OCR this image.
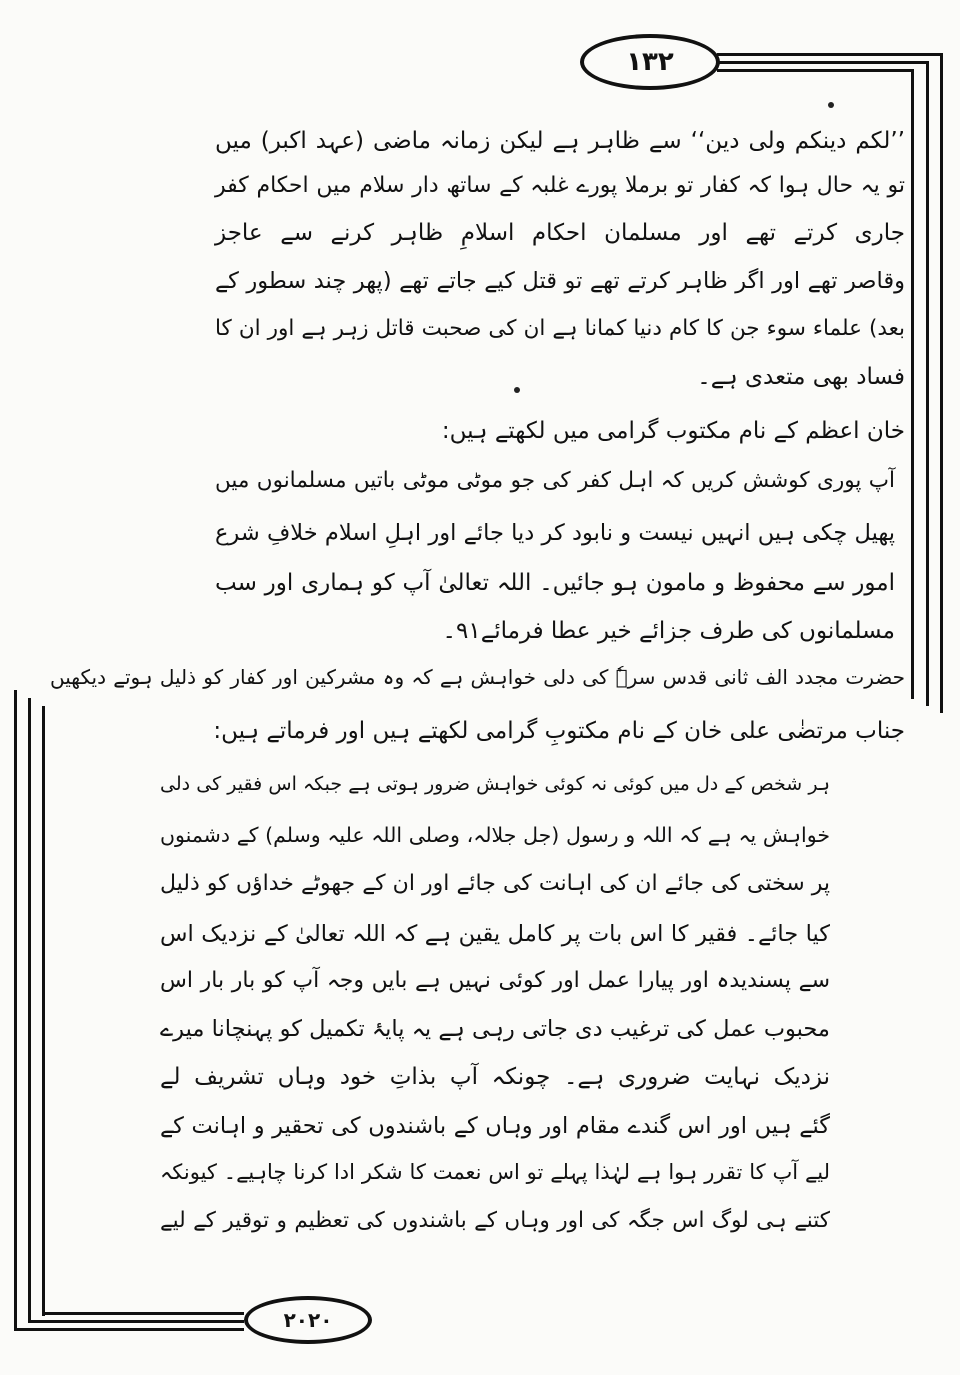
۱۳۲
۲۰۲۰
’’لکم دینکم ولی دین‘‘ سے ظاہر ہے لیکن زمانہ ماضی (عہد اکبر) میں
تو یہ حال ہوا کہ کفار تو برملا پورے غلبہ کے ساتھ دار سلام میں احکام کفر
جاری کرتے تھے اور مسلمان احکام اسلامِ ظاہر کرنے سے عاجز
وقاصر تھے اور اگر ظاہر کرتے تھے تو قتل کیے جاتے تھے (پھر چند سطور کے
بعد) علماء سوء جن کا کام دنیا کمانا ہے ان کی صحبت قاتل زہر ہے اور ان کا
فساد بھی متعدی ہے۔
خان اعظم کے نام مکتوب گرامی میں لکھتے ہیں:
آپ پوری کوشش کریں کہ اہل کفر کی جو موٹی موٹی باتیں مسلمانوں میں
پھیل چکی ہیں انہیں نیست و نابود کر دیا جائے اور اہلِ اسلام خلافِ شرع
امور سے محفوظ و مامون ہو جائیں۔ اللہ تعالیٰ آپ کو ہماری اور سب
مسلمانوں کی طرف جزائے خیر عطا فرمائے۹۱۔
حضرت مجدد الف ثانی قدس سرہٗ کی دلی خواہش ہے کہ وہ مشرکین اور کفار کو ذلیل ہوتے دیکھیں
جناب مرتضٰی علی خان کے نام مکتوبِ گرامی لکھتے ہیں اور فرماتے ہیں:
ہر شخص کے دل میں کوئی نہ کوئی خواہش ضرور ہوتی ہے جبکہ اس فقیر کی دلی
خواہش یہ ہے کہ اللہ و رسول (جل جلالہ، وصلی اللہ علیہ وسلم) کے دشمنوں
پر سختی کی جائے ان کی اہانت کی جائے اور ان کے جھوٹے خداؤں کو ذلیل
کیا جائے۔ فقیر کا اس بات پر کامل یقین ہے کہ اللہ تعالیٰ کے نزدیک اس
سے پسندیدہ اور پیارا عمل اور کوئی نہیں ہے بایں وجہ آپ کو بار بار اس
محبوب عمل کی ترغیب دی جاتی رہی ہے یہ پایۂ تکمیل کو پہنچانا میرے
نزدیک نہایت ضروری ہے۔ چونکہ آپ بذاتِ خود وہاں تشریف لے
گئے ہیں اور اس گندے مقام اور وہاں کے باشندوں کی تحقیر و اہانت کے
لیے آپ کا تقرر ہوا ہے لہٰذا پہلے تو اس نعمت کا شکر ادا کرنا چاہیے۔ کیونکہ
کتنے ہی لوگ اس جگہ کی اور وہاں کے باشندوں کی تعظیم و توقیر کے لیے
